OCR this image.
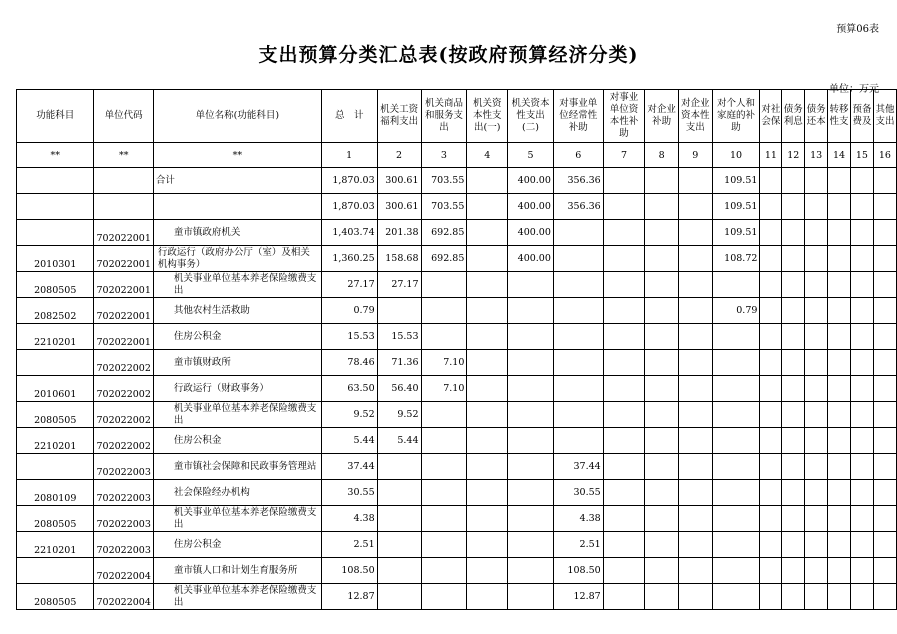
预算06表
支出预算分类汇总表(按政府预算经济分类)
单位：万元
功能科目	单位代码	单位名称(功能科目)	总　计	机关工资福利支出	机关商品和服务支出	机关资本性支出(一)	机关资本性支出(二)	对事业单位经常性补助	对事业单位资本性补助	对企业补助	对企业资本性支出	对个人和家庭的补助	对社会保	债务利息	债务还本	转移性支	预备费及	其他支出
**	**	**	1	2	3	4	5	6	7	8	9	10	11	12	13	14	15	16
		合计	1,870.03	300.61	703.55		400.00	356.36				109.51						
			1,870.03	300.61	703.55		400.00	356.36				109.51						
	702022001	童市镇政府机关	1,403.74	201.38	692.85		400.00					109.51						
2010301	702022001	行政运行（政府办公厅（室）及相关机构事务）	1,360.25	158.68	692.85		400.00					108.72						
2080505	702022001	机关事业单位基本养老保险缴费支出	27.17	27.17														
2082502	702022001	其他农村生活救助	0.79									0.79						
2210201	702022001	住房公积金	15.53	15.53														
	702022002	童市镇财政所	78.46	71.36	7.10													
2010601	702022002	行政运行（财政事务）	63.50	56.40	7.10													
2080505	702022002	机关事业单位基本养老保险缴费支出	9.52	9.52														
2210201	702022002	住房公积金	5.44	5.44														
	702022003	童市镇社会保障和民政事务管理站	37.44					37.44										
2080109	702022003	社会保险经办机构	30.55					30.55										
2080505	702022003	机关事业单位基本养老保险缴费支出	4.38					4.38										
2210201	702022003	住房公积金	2.51					2.51										
	702022004	童市镇人口和计划生育服务所	108.50					108.50										
2080505	702022004	机关事业单位基本养老保险缴费支出	12.87					12.87										
